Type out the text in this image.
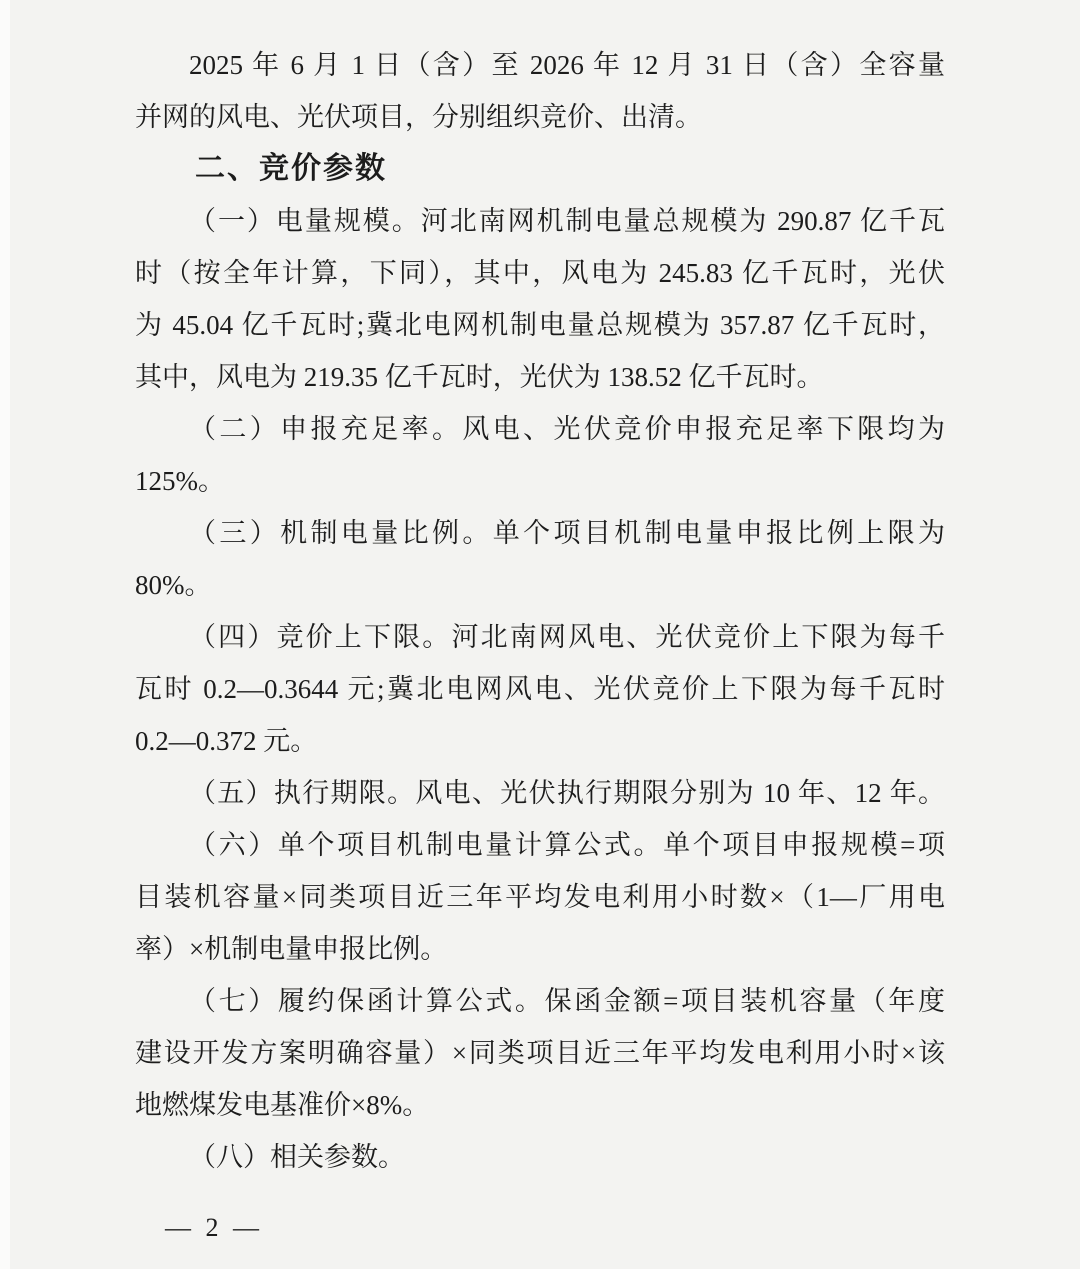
2025 年 6 月 1 日（含）至 2026 年 12 月 31 日（含）全容量
并网的风电、光伏项目，分别组织竞价、出清。
二、竞价参数
（一）电量规模。河北南网机制电量总规模为 290.87 亿千瓦
时（按全年计算，下同），其中，风电为 245.83 亿千瓦时，光伏
为 45.04 亿千瓦时;冀北电网机制电量总规模为 357.87 亿千瓦时，
其中，风电为 219.35 亿千瓦时，光伏为 138.52 亿千瓦时。
（二）申报充足率。风电、光伏竞价申报充足率下限均为
125%。
（三）机制电量比例。单个项目机制电量申报比例上限为
80%。
（四）竞价上下限。河北南网风电、光伏竞价上下限为每千
瓦时 0.2—0.3644 元;冀北电网风电、光伏竞价上下限为每千瓦时
0.2—0.372 元。
（五）执行期限。风电、光伏执行期限分别为 10 年、12 年。
（六）单个项目机制电量计算公式。单个项目申报规模=项
目装机容量×同类项目近三年平均发电利用小时数×（1—厂用电
率）×机制电量申报比例。
（七）履约保函计算公式。保函金额=项目装机容量（年度
建设开发方案明确容量）×同类项目近三年平均发电利用小时×该
地燃煤发电基准价×8%。
（八）相关参数。
— 2 —
